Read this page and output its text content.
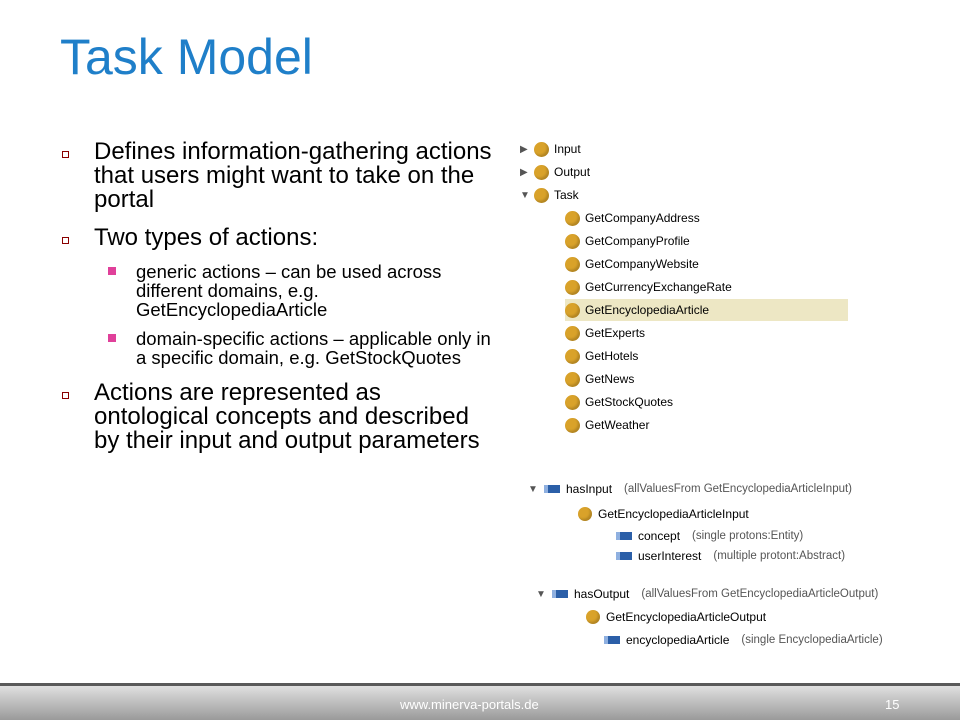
Task Model
Defines information-gathering actions that users might want to take on the portal
Two types of actions:
generic actions – can be used across different domains, e.g. GetEncyclopediaArticle
domain-specific actions – applicable only in a specific domain, e.g. GetStockQuotes
Actions are represented as ontological concepts and described by their input and output parameters
▶	Input
▶	Output
▼	Task
GetCompanyAddress
GetCompanyProfile
GetCompanyWebsite
GetCurrencyExchangeRate
GetEncyclopediaArticle
GetExperts
GetHotels
GetNews
GetStockQuotes
GetWeather
▼	hasInput (allValuesFrom GetEncyclopediaArticleInput)
GetEncyclopediaArticleInput
concept (single protons:Entity)
userInterest (multiple protont:Abstract)
▼	hasOutput (allValuesFrom GetEncyclopediaArticleOutput)
GetEncyclopediaArticleOutput
encyclopediaArticle (single EncyclopediaArticle)
www.minerva-portals.de	15
